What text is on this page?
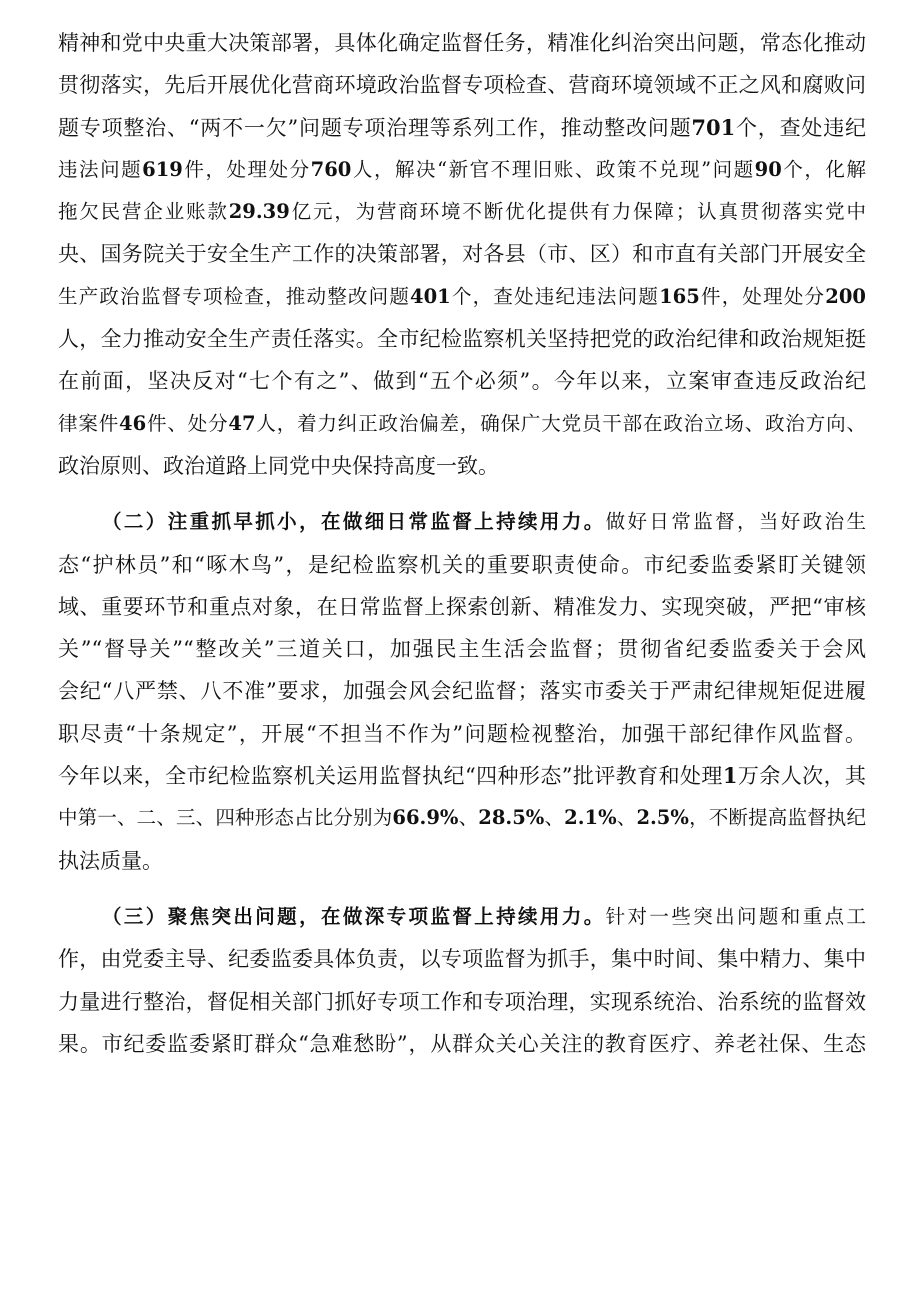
精神和党中央重大决策部署，具体化确定监督任务，精准化纠治突出问题，常态化推动
贯彻落实，先后开展优化营商环境政治监督专项检查、营商环境领域不正之风和腐败问
题专项整治、“两不一欠”问题专项治理等系列工作，推动整改问题701个，查处违纪
违法问题619件，处理处分760人，解决“新官不理旧账、政策不兑现”问题90个，化解
拖欠民营企业账款29.39亿元，为营商环境不断优化提供有力保障；认真贯彻落实党中
央、国务院关于安全生产工作的决策部署，对各县（市、区）和市直有关部门开展安全
生产政治监督专项检查，推动整改问题401个，查处违纪违法问题165件，处理处分200
人，全力推动安全生产责任落实。全市纪检监察机关坚持把党的政治纪律和政治规矩挺
在前面，坚决反对“七个有之”、做到“五个必须”。今年以来，立案审查违反政治纪
律案件46件、处分47人，着力纠正政治偏差，确保广大党员干部在政治立场、政治方向、
政治原则、政治道路上同党中央保持高度一致。
（二）注重抓早抓小，在做细日常监督上持续用力。做好日常监督，当好政治生
态“护林员”和“啄木鸟”，是纪检监察机关的重要职责使命。市纪委监委紧盯关键领
域、重要环节和重点对象，在日常监督上探索创新、精准发力、实现突破，严把“审核
关”“督导关”“整改关”三道关口，加强民主生活会监督；贯彻省纪委监委关于会风
会纪“八严禁、八不准”要求，加强会风会纪监督；落实市委关于严肃纪律规矩促进履
职尽责“十条规定”，开展“不担当不作为”问题检视整治，加强干部纪律作风监督。
今年以来，全市纪检监察机关运用监督执纪“四种形态”批评教育和处理1万余人次，其
中第一、二、三、四种形态占比分别为66.9%、28.5%、2.1%、2.5%，不断提高监督执纪
执法质量。
（三）聚焦突出问题，在做深专项监督上持续用力。针对一些突出问题和重点工
作，由党委主导、纪委监委具体负责，以专项监督为抓手，集中时间、集中精力、集中
力量进行整治，督促相关部门抓好专项工作和专项治理，实现系统治、治系统的监督效
果。市纪委监委紧盯群众“急难愁盼”，从群众关心关注的教育医疗、养老社保、生态
